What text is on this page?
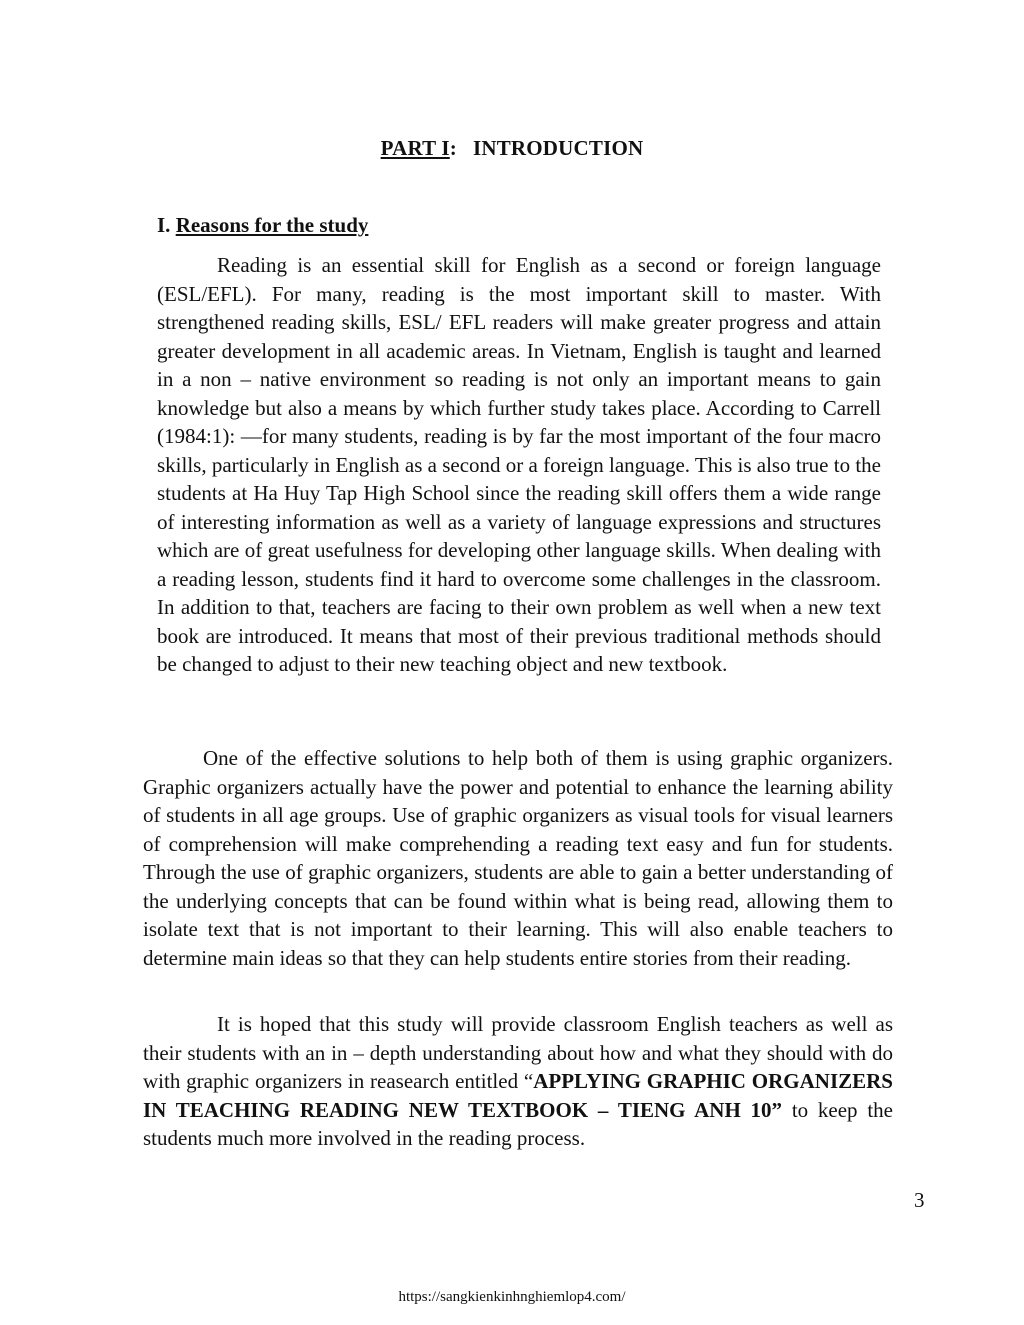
PART I: INTRODUCTION
I. Reasons for the study

Reading is an essential skill for English as a second or foreign language (ESL/EFL). For many, reading is the most important skill to master. With strengthened reading skills, ESL/ EFL readers will make greater progress and attain greater development in all academic areas. In Vietnam, English is taught and learned in a non – native environment so reading is not only an important means to gain knowledge but also a means by which further study takes place. According to Carrell (1984:1): ―for many students, reading is by far the most important of the four macro skills, particularly in English as a second or a foreign language. This is also true to the students at Ha Huy Tap High School since the reading skill offers them a wide range of interesting information as well as a variety of language expressions and structures which are of great usefulness for developing other language skills. When dealing with a reading lesson, students find it hard to overcome some challenges in the classroom. In addition to that, teachers are facing to their own problem as well when a new text book are introduced. It means that most of their previous traditional methods should be changed to adjust to their new teaching object and new textbook.

One of the effective solutions to help both of them is using graphic organizers. Graphic organizers actually have the power and potential to enhance the learning ability of students in all age groups. Use of graphic organizers as visual tools for visual learners of comprehension will make comprehending a reading text easy and fun for students. Through the use of graphic organizers, students are able to gain a better understanding of the underlying concepts that can be found within what is being read, allowing them to isolate text that is not important to their learning. This will also enable teachers to determine main ideas so that they can help students entire stories from their reading.

It is hoped that this study will provide classroom English teachers as well as their students with an in – depth understanding about how and what they should with do with graphic organizers in reasearch entitled “APPLYING GRAPHIC ORGANIZERS IN TEACHING READING NEW TEXTBOOK – TIENG ANH 10” to keep the students much more involved in the reading process.

3
https://sangkienkinhnghiemlop4.com/
